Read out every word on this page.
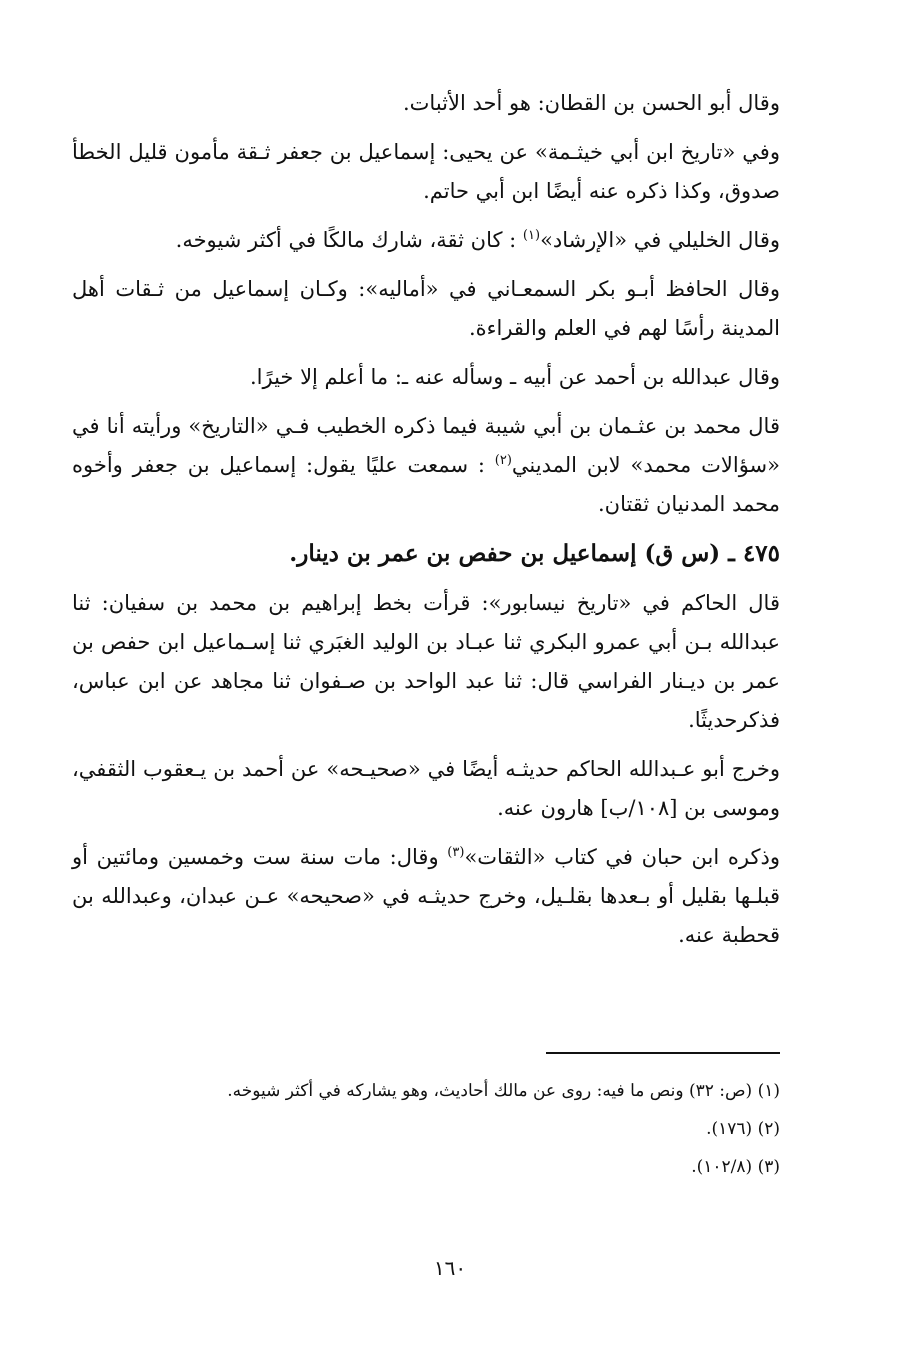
وقال أبو الحسن بن القطان: هو أحد الأثبات.

وفي «تاريخ ابن أبي خيثـمة» عن يحيى: إسماعيل بن جعفر ثـقة مأمون قليل الخطأ صدوق، وكذا ذكره عنه أيضًا ابن أبي حاتم.

وقال الخليلي في «الإرشاد»$^{(١)}$ : كان ثقة، شارك مالكًا في أكثر شيوخه.

وقال الحافظ أبـو بكر السمعـاني في «أماليه»: وكـان إسماعيل من ثـقات أهل المدينة رأسًا لهم في العلم والقراءة.

وقال عبدالله بن أحمد عن أبيه ـ وسأله عنه ـ: ما أعلم إلا خيرًا.

قال محمد بن عثـمان بن أبي شيبة فيما ذكره الخطيب فـي «التاريخ» ورأيته أنا في «سؤالات محمد» لابن المديني$^{(٢)}$ : سمعت عليًا يقول: إسماعيل بن جعفر وأخوه محمد المدنيان ثقتان.

٤٧٥ ـ (س ق) إسماعيل بن حفص بن عمر بن دينار.

قال الحاكم في «تاريخ نيسابور»: قرأت بخط إبراهيم بن محمد بن سفيان: ثنا عبدالله بـن أبي عمرو البكري ثنا عبـاد بن الوليد الغبَري ثنا إسـماعيل ابن حفص بن عمر بن ديـنار الفراسي قال: ثنا عبد الواحد بن صـفوان ثنا مجاهد عن ابن عباس، فذكرحديثًا.

وخرج أبو عـبدالله الحاكم حديثـه أيضًا في «صحيـحه» عن أحمد بن يـعقوب الثقفي، وموسى بن [١٠٨/ب] هارون عنه.

وذكره ابن حبان في كتاب «الثقات»$^{(٣)}$ وقال: مات سنة ست وخمسين ومائتين أو قبلـها بقليل أو بـعدها بقلـيل، وخرج حديثـه في «صحيحه» عـن عبدان، وعبدالله بن قحطبة عنه.

(١) (ص: ٣٢) ونص ما فيه: روى عن مالك أحاديث، وهو يشاركه في أكثر شيوخه.

(٢) (١٧٦).

(٣) (١٠٢/٨).

١٦٠
